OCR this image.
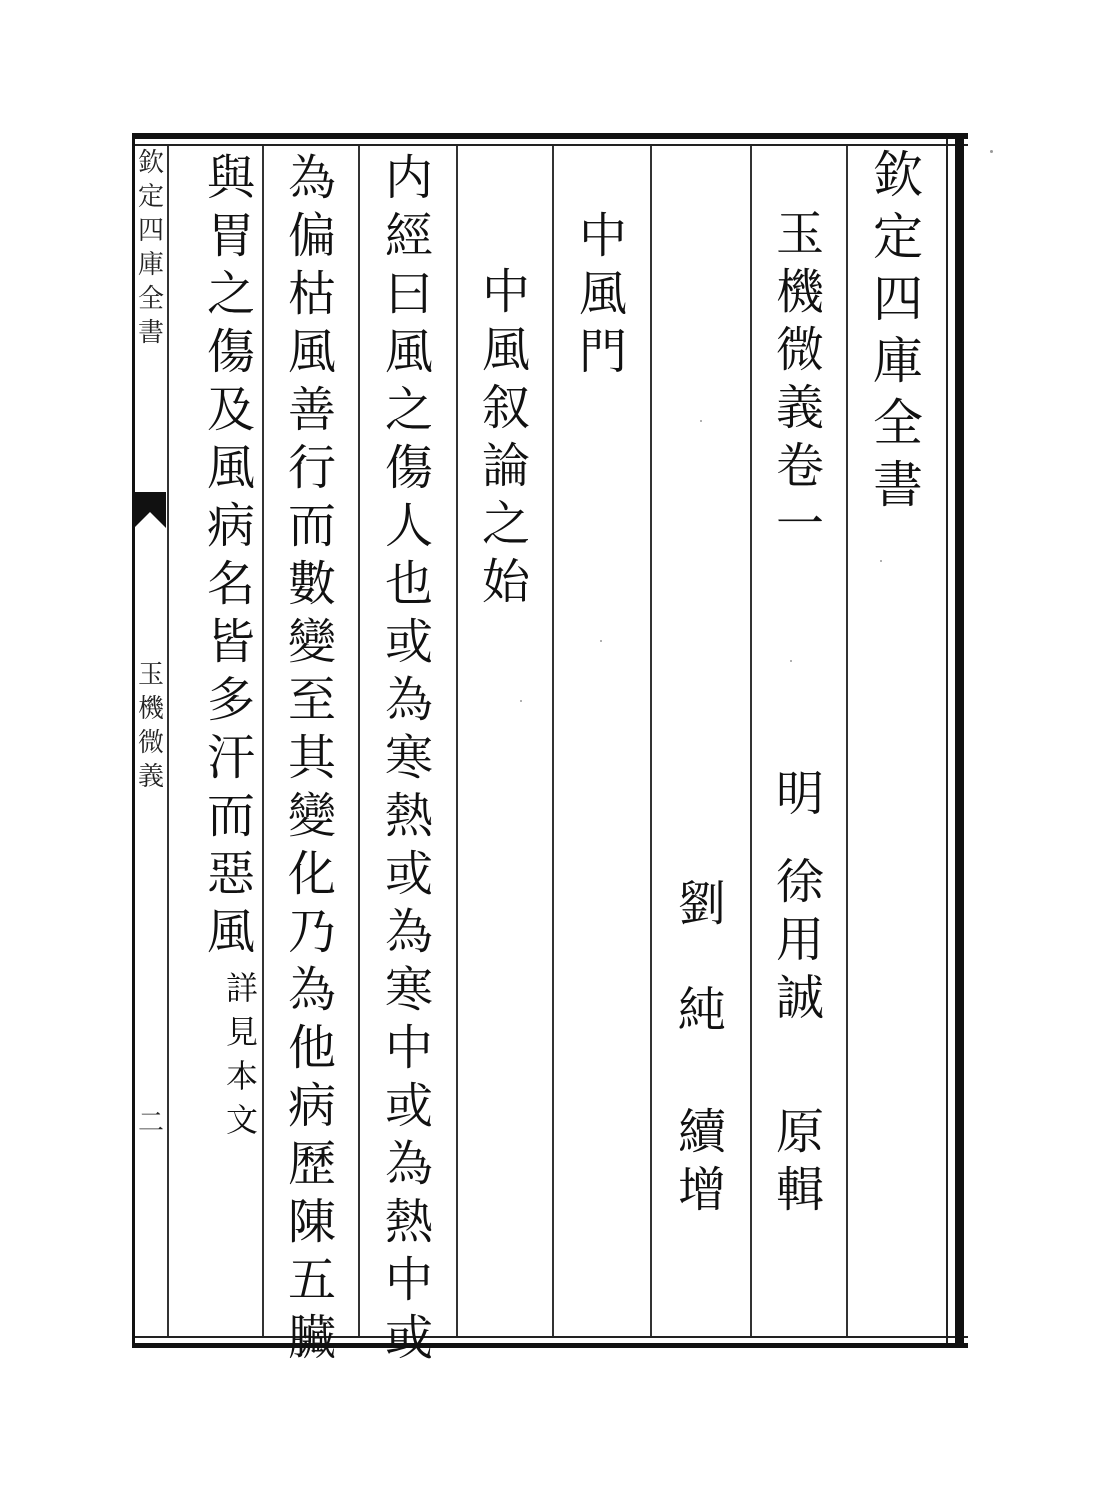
欽
定
四
庫
全
書
玉
機
微
義
二
欽
定
四
庫
全
書
玉
機
微
義
卷
一
明
徐
用
誠
原
輯
劉
純
續
增
中
風
門
中
風
叙
論
之
始
内
經
曰
風
之
傷
人
也
或
為
寒
熱
或
為
寒
中
或
為
熱
中
或
為
偏
枯
風
善
行
而
數
變
至
其
變
化
乃
為
他
病
歷
陳
五
臟
與
胃
之
傷
及
風
病
名
皆
多
汗
而
惡
風
詳
見
本
文
